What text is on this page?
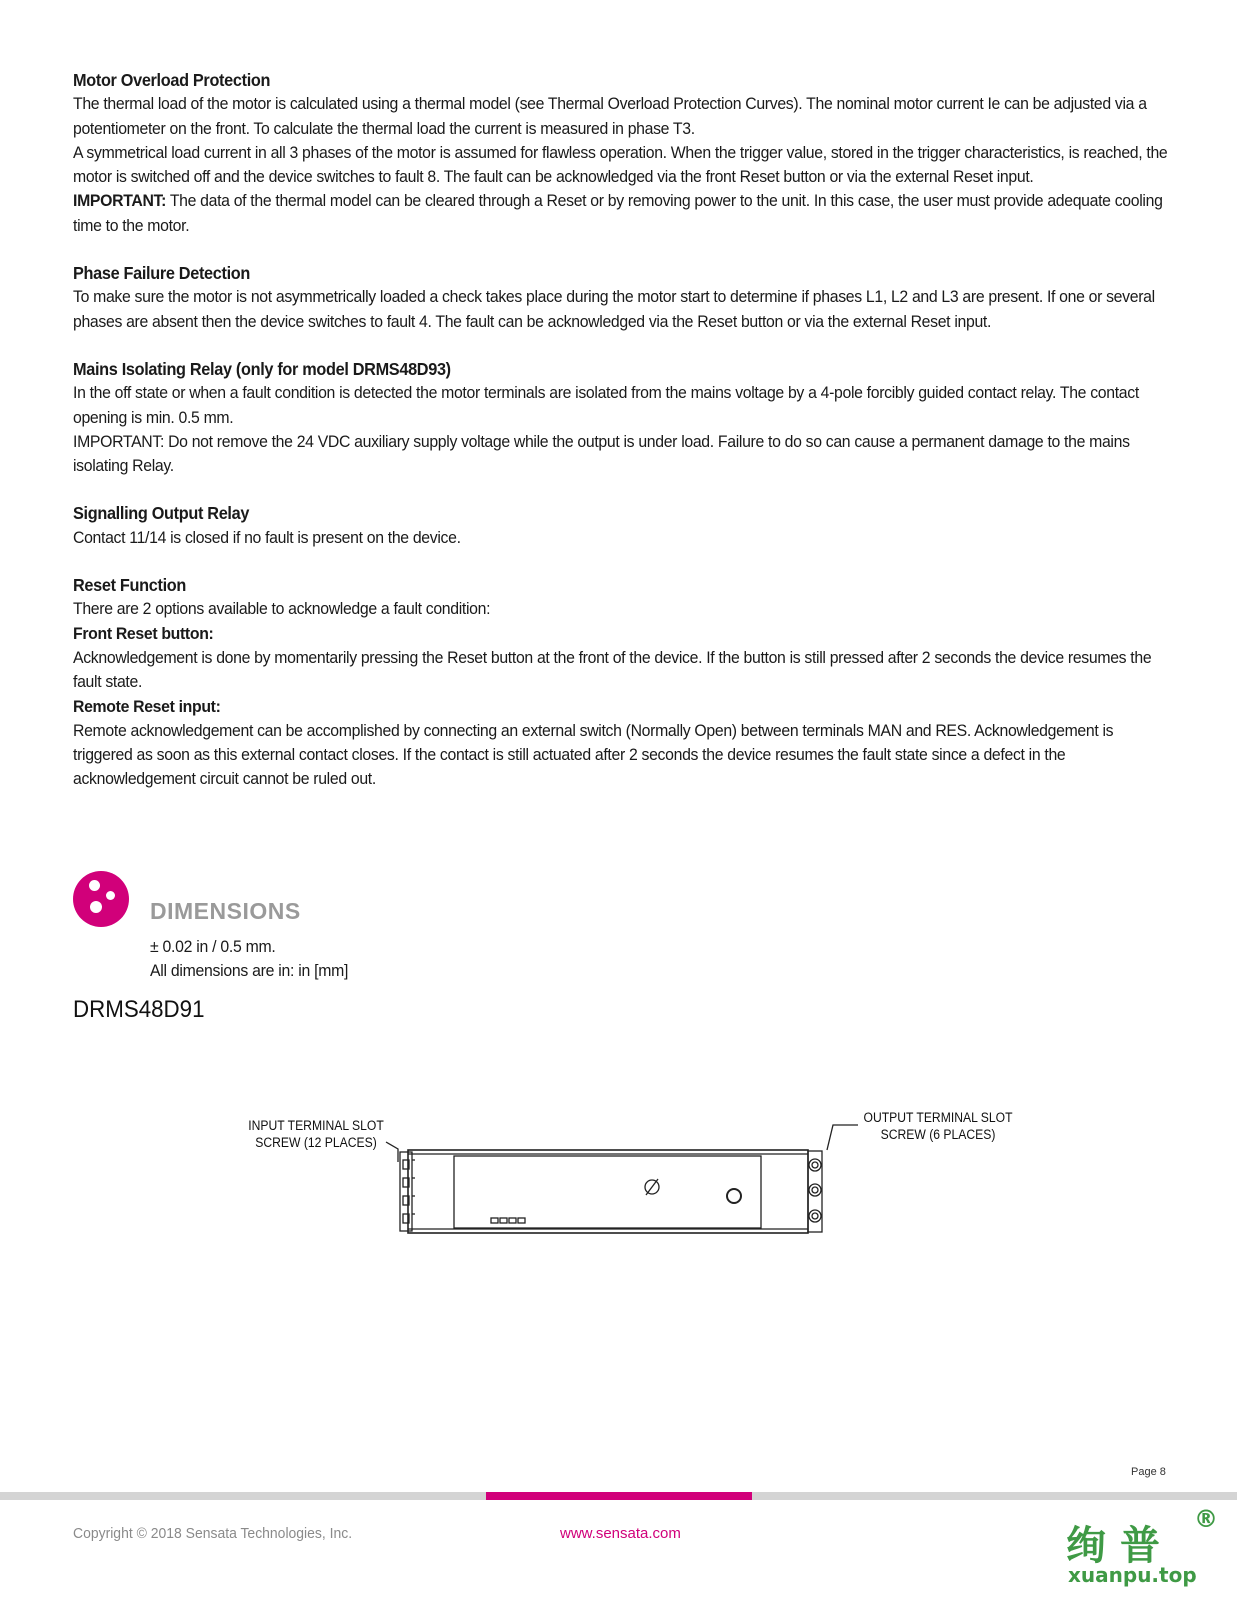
Motor Overload Protection

The thermal load of the motor is calculated using a thermal model (see Thermal Overload Protection Curves). The nominal motor current Ie can be adjusted via a potentiometer on the front. To calculate the thermal load the current is measured in phase T3.

A symmetrical load current in all 3 phases of the motor is assumed for flawless operation. When the trigger value, stored in the trigger characteristics, is reached, the motor is switched off and the device switches to fault 8. The fault can be acknowledged via the front Reset button or via the external Reset input.

IMPORTANT: The data of the thermal model can be cleared through a Reset or by removing power to the unit. In this case, the user must provide adequate cooling time to the motor.

Phase Failure Detection

To make sure the motor is not asymmetrically loaded a check takes place during the motor start to determine if phases L1, L2 and L3 are present. If one or several phases are absent then the device switches to fault 4. The fault can be acknowledged via the Reset button or via the external Reset input.

Mains Isolating Relay (only for model DRMS48D93)

In the off state or when a fault condition is detected the motor terminals are isolated from the mains voltage by a 4-pole forcibly guided contact relay. The contact opening is min. 0.5 mm.

IMPORTANT: Do not remove the 24 VDC auxiliary supply voltage while the output is under load. Failure to do so can cause a permanent damage to the mains isolating Relay.

Signalling Output Relay

Contact 11/14 is closed if no fault is present on the device.

Reset Function

There are 2 options available to acknowledge a fault condition:

Front Reset button:

Acknowledgement is done by momentarily pressing the Reset button at the front of the device. If the button is still pressed after 2 seconds the device resumes the fault state.

Remote Reset input:

Remote acknowledgement can be accomplished by connecting an external switch (Normally Open) between terminals MAN and RES. Acknowledgement is triggered as soon as this external contact closes. If the contact is still actuated after 2 seconds the device resumes the fault state since a defect in the acknowledgement circuit cannot be ruled out.

DIMENSIONS
± 0.02 in / 0.5 mm.
All dimensions are in: in [mm]
DRMS48D91
INPUT TERMINAL SLOT
SCREW (12 PLACES)
OUTPUT TERMINAL SLOT
SCREW (6 PLACES)
Page 8
Copyright © 2018 Sensata Technologies, Inc.	www.sensata.com	绚普
®
xuanpu.top
